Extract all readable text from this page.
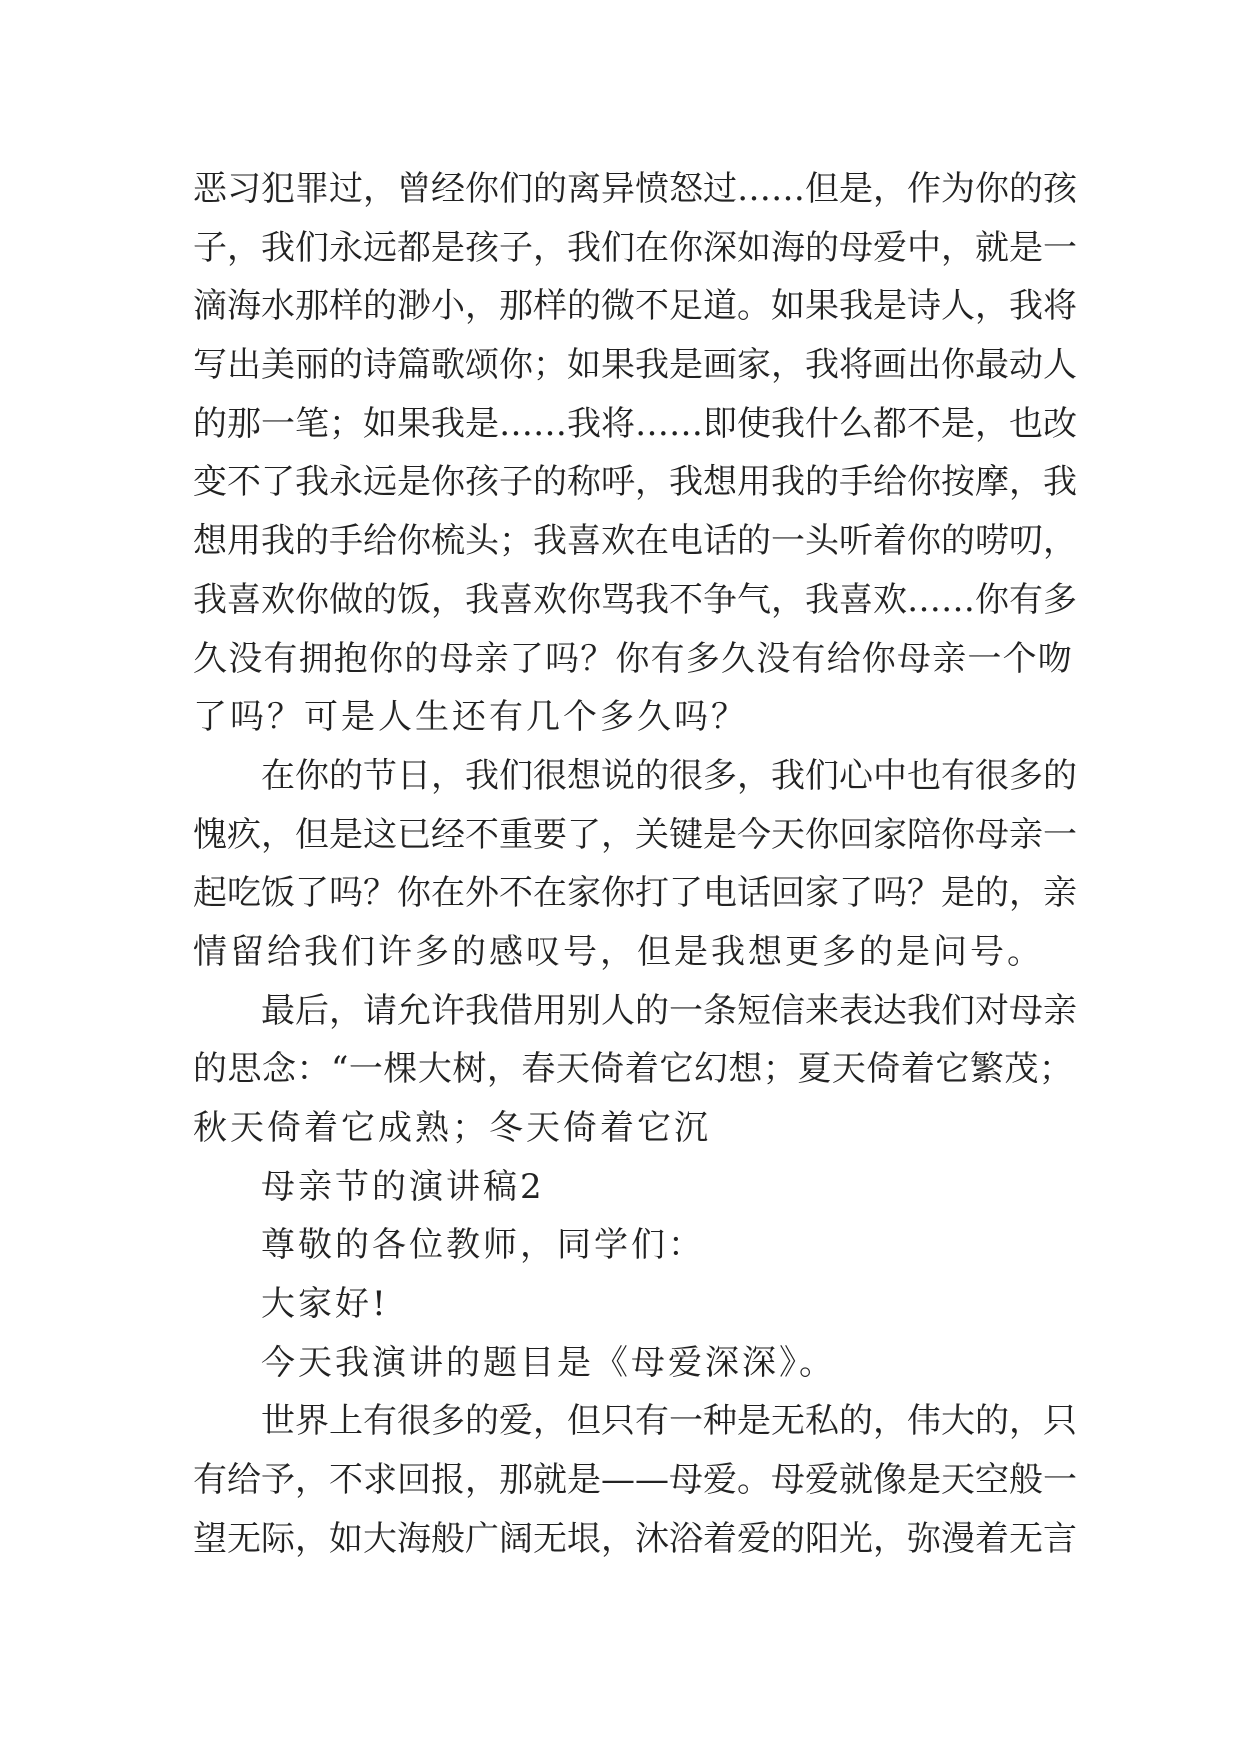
恶习犯罪过，曾经你们的离异愤怒过……但是，作为你的孩
子，我们永远都是孩子，我们在你深如海的母爱中，就是一
滴海水那样的渺小，那样的微不足道。如果我是诗人，我将
写出美丽的诗篇歌颂你；如果我是画家，我将画出你最动人
的那一笔；如果我是……我将……即使我什么都不是，也改
变不了我永远是你孩子的称呼，我想用我的手给你按摩，我
想用我的手给你梳头；我喜欢在电话的一头听着你的唠叨，
我喜欢你做的饭，我喜欢你骂我不争气，我喜欢……你有多
久没有拥抱你的母亲了吗？你有多久没有给你母亲一个吻
了吗？可是人生还有几个多久吗？
在你的节日，我们很想说的很多，我们心中也有很多的
愧疚，但是这已经不重要了，关键是今天你回家陪你母亲一
起吃饭了吗？你在外不在家你打了电话回家了吗？是的，亲
情留给我们许多的感叹号，但是我想更多的是问号。
最后，请允许我借用别人的一条短信来表达我们对母亲
的思念：“一棵大树，春天倚着它幻想；夏天倚着它繁茂；
秋天倚着它成熟；冬天倚着它沉
母亲节的演讲稿2
尊敬的各位教师，同学们：
大家好!
今天我演讲的题目是《母爱深深》。
世界上有很多的爱，但只有一种是无私的，伟大的，只
有给予，不求回报，那就是——母爱。母爱就像是天空般一
望无际，如大海般广阔无垠，沐浴着爱的阳光，弥漫着无言
